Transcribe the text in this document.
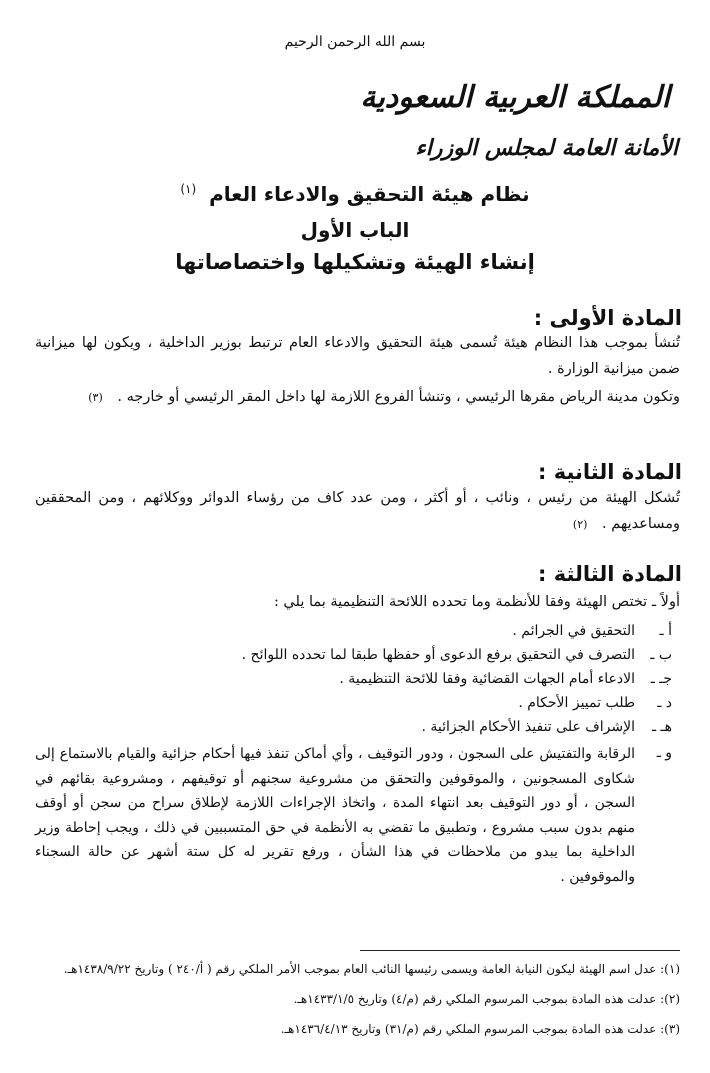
بسم الله الرحمن الرحيم
المملكة العربية السعودية
الأمانة العامة لمجلس الوزراء
نظام هيئة التحقيق والادعاء العام $^{(١)}$
الباب الأول
إنشاء الهيئة وتشكيلها واختصاصاتها
المادة الأولى :
تُنشأ بموجب هذا النظام هيئة تُسمى هيئة التحقيق والادعاء العام ترتبط بوزير الداخلية ، ويكون لها ميزانية ضمن ميزانية الوزارة .
وتكون مدينة الرياض مقرها الرئيسي ، وتنشأ الفروع اللازمة لها داخل المقر الرئيسي أو خارجه . (٣)
المادة الثانية :
تُشكل الهيئة من رئيس ، ونائب ، أو أكثر ، ومن عدد كاف من رؤساء الدوائر ووكلائهم ، ومن المحققين ومساعديهم . (٢)
المادة الثالثة :
أولاً ـ تختص الهيئة وفقا للأنظمة وما تحدده اللائحة التنظيمية بما يلي :
أ ـ
التحقيق في الجرائم .
ب ـ
التصرف في التحقيق برفع الدعوى أو حفظها طبقا لما تحدده اللوائح .
جـ ـ
الادعاء أمام الجهات القضائية وفقا للائحة التنظيمية .
د ـ
طلب تمييز الأحكام .
هـ ـ
الإشراف على تنفيذ الأحكام الجزائية .
و ـ
الرقابة والتفتيش على السجون ، ودور التوقيف ، وأي أماكن تنفذ فيها أحكام جزائية والقيام بالاستماع إلى شكاوى المسجونين ، والموقوفين والتحقق من مشروعية سجنهم أو توقيفهم ، ومشروعية بقائهم في السجن ، أو دور التوقيف بعد انتهاء المدة ، واتخاذ الإجراءات اللازمة لإطلاق سراح من سجن أو أوقف منهم بدون سبب مشروع ، وتطبيق ما تقضي به الأنظمة في حق المتسببين في ذلك ، ويجب إحاطة وزير الداخلية بما يبدو من ملاحظات في هذا الشأن ، ورفع تقرير له كل ستة أشهر عن حالة السجناء والموقوفين .
(١): عدل اسم الهيئة ليكون النيابة العامة ويسمى رئيسها النائب العام بموجب الأمر الملكي رقم ( أ/٢٤٠ ) وتاريخ ١٤٣٨/٩/٢٢هـ.
(٢): عدلت هذه المادة بموجب المرسوم الملكي رقم (م/٤) وتاريخ ١٤٣٣/١/٥هـ.
(٣): عدلت هذه المادة بموجب المرسوم الملكي رقم (م/٣١) وتاريخ ١٤٣٦/٤/١٣هـ.
